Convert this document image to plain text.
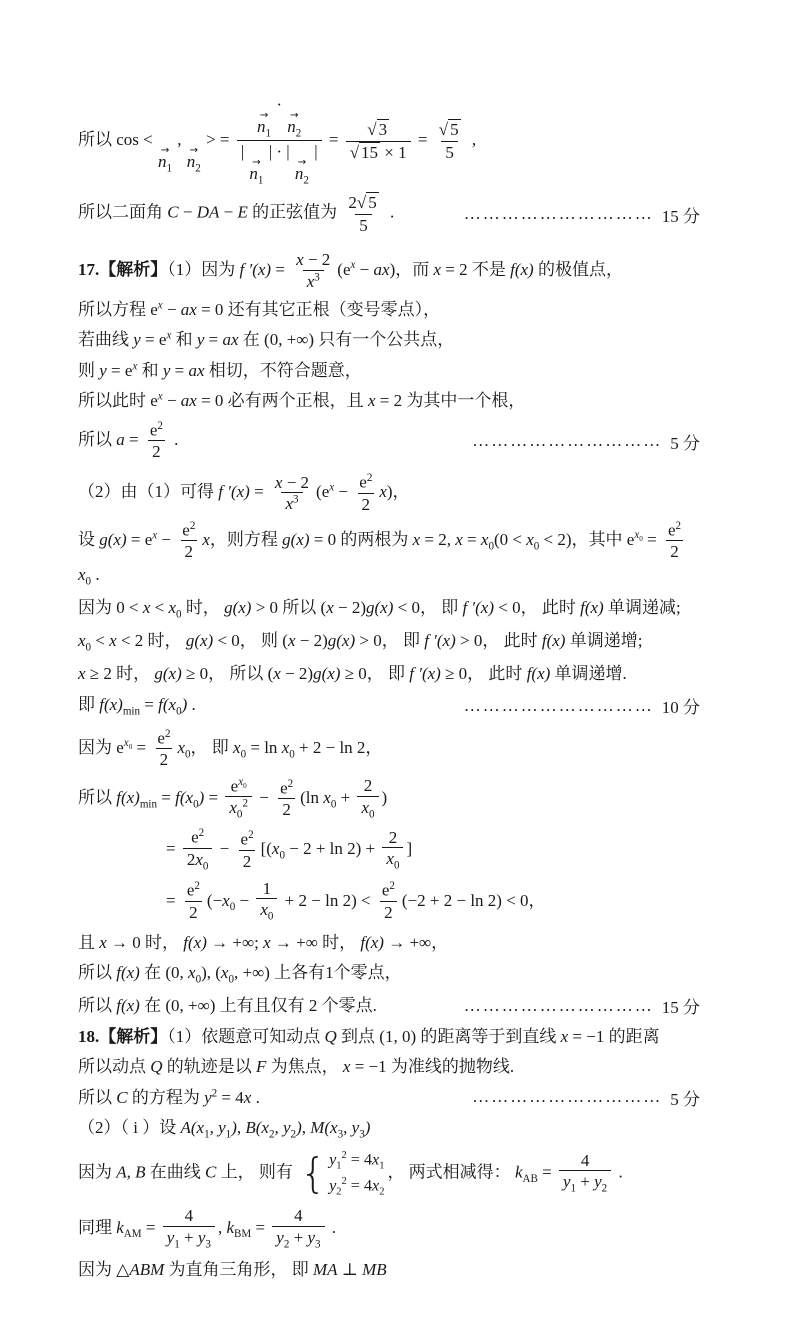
所以 cos <
→
$n_1$
,
→
$n_2$
> = →
$n_1$
·
→
$n_2$
|
→
$n_1$
| · |
→
$n_2$
| = $\frac{√ 3}{√ 15 \times 1} = \frac{√ 5}{5}$ ,
所以二面角 C − DA − E 的正弦值为 $\frac{2 √ 5}{5}$ .	………………………… 15 分
17.【解析】（1）因为 f $'(x) = \frac{x - 2}{x^3} (e^x - ax)$，而 x = 2 不是 f(x) 的极值点，
所以方程 $e^x$ − ax = 0 还有其它正根（变号零点），
若曲线 $y = e^x$ 和 y = ax 在 (0, +∞) 只有一个公共点，
则 $y = e^x$ 和 y = ax 相切，不符合题意，
所以此时 $e^x$ − ax = 0 必有两个正根，且 x = 2 为其中一个根，
所以 $a = \frac{e^2}{2}$ .	………………………… 5 分
（2）由（1）可得 f $'(x) = \frac{x - 2}{x^3} (e^x - \frac{e^2}{2} x)$，
设 $g(x) = e^x - \frac{e^2}{2}$ x，则方程 g(x) = 0 的两根为 x = 2, $x = x_0(0 < x_0 < 2)$，其中 $e^{x_0} = \frac{e^2}{2}$
$x_0$ .
因为 $0 < x < x_0$ 时， g(x) > 0 所以 (x − 2)g(x) < 0， 即 f ′(x) < 0， 此时 f(x) 单调递减;
$x_0 < x < 2$ 时， g(x) < 0， 则 (x − 2)g(x) > 0， 即 f ′(x) > 0， 此时 f(x) 单调递增;
x ≥ 2 时， g(x) ≥ 0， 所以 (x − 2)g(x) ≥ 0， 即 f ′(x) ≥ 0， 此时 f(x) 单调递增.
即 $f(x)_{min} = f(x_0)$ .	………………………… 10 分
因为 $e^{x_0} = \frac{e^2}{2} x_0$， 即 $x_0 = \ln x_0 + 2 - \ln 2$，
所以 $f(x)_{min} = f(x_0) = \frac{e^{x_0}}{x_0^2} - \frac{e^2}{2} (\ln$ $x_0 + \frac{2}{x_0}$ )
= $\frac{e^2}{2x_0} - \frac{e^2}{2} [(x_0 - 2 + \ln 2) + \frac{2}{x_0}$ ]
= $\frac{e^2}{2} (-x_0 - \frac{1}{x_0} + 2 - \ln 2) < \frac{e^2}{2} (-2 + 2 - \ln 2) < 0$，
且 x → 0 时， f(x) → +∞; x → +∞ 时， f(x) → +∞，
所以 f(x) 在 (0, $x_0$), ($x_0$, +∞) 上各有1个零点，
所以 f(x) 在 (0, +∞) 上有且仅有 2 个零点.	………………………… 15 分
18.【解析】（1）依题意可知动点 Q 到点 (1, 0) 的距离等于到直线 x = −1 的距离
所以动点 Q 的轨迹是以 F 为焦点， x = −1 为准线的抛物线.
所以 C 的方程为 $y^2 = 4x$ .	………………………… 5 分
（2）（ i ）设 $A(x_1$, $y_1$), $B(x_2$, $y_2$), $M(x_3$, $y_3$)
因为 A, B 在曲线 C 上， 则有 { $y_1^2 = 4x_1$
$y_2^2 = 4x_2$
， 两式相减得： $k_{AB} = \frac{4}{y_1 + y_2}$ .
同理 $k_{AM} = \frac{4}{y_1 + y_3}$ , $k_{BM} = \frac{4}{y_2 + y_3}$ .
因为 △ABM 为直角三角形， 即 MA ⊥ MB
